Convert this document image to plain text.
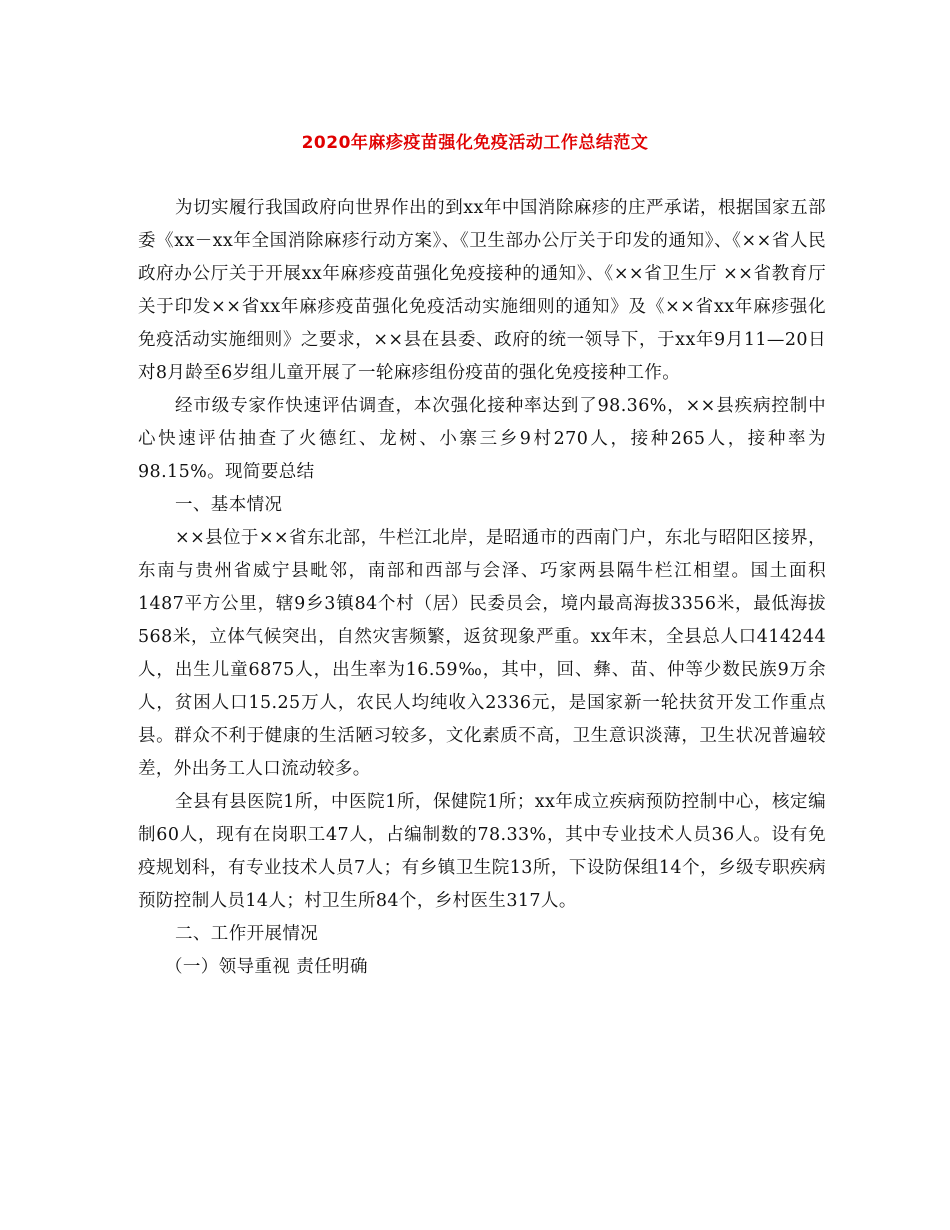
2020年麻疹疫苗强化免疫活动工作总结范文

为切实履行我国政府向世界作出的到xx年中国消除麻疹的庄严承诺，根据国家五部委《xx－xx年全国消除麻疹行动方案》、《卫生部办公厅关于印发的通知》、《××省人民政府办公厅关于开展xx年麻疹疫苗强化免疫接种的通知》、《××省卫生厅 ××省教育厅关于印发××省xx年麻疹疫苗强化免疫活动实施细则的通知》及《××省xx年麻疹强化免疫活动实施细则》之要求，××县在县委、政府的统一领导下，于xx年9月11—20日对8月龄至6岁组儿童开展了一轮麻疹组份疫苗的强化免疫接种工作。

经市级专家作快速评估调查，本次强化接种率达到了98.36%，××县疾病控制中心快速评估抽查了火德红、龙树、小寨三乡9村270人，接种265人，接种率为98.15%。现简要总结

一、基本情况

××县位于××省东北部，牛栏江北岸，是昭通市的西南门户，东北与昭阳区接界，东南与贵州省威宁县毗邻，南部和西部与会泽、巧家两县隔牛栏江相望。国土面积1487平方公里，辖9乡3镇84个村（居）民委员会，境内最高海拔3356米，最低海拔568米，立体气候突出，自然灾害频繁，返贫现象严重。xx年末，全县总人口414244人，出生儿童6875人，出生率为16.59‰，其中，回、彝、苗、仲等少数民族9万余人，贫困人口15.25万人，农民人均纯收入2336元，是国家新一轮扶贫开发工作重点县。群众不利于健康的生活陋习较多，文化素质不高，卫生意识淡薄，卫生状况普遍较差，外出务工人口流动较多。

全县有县医院1所，中医院1所，保健院1所；xx年成立疾病预防控制中心，核定编制60人，现有在岗职工47人，占编制数的78.33%，其中专业技术人员36人。设有免疫规划科，有专业技术人员7人；有乡镇卫生院13所，下设防保组14个，乡级专职疾病预防控制人员14人；村卫生所84个，乡村医生317人。

二、工作开展情况

（一）领导重视 责任明确
